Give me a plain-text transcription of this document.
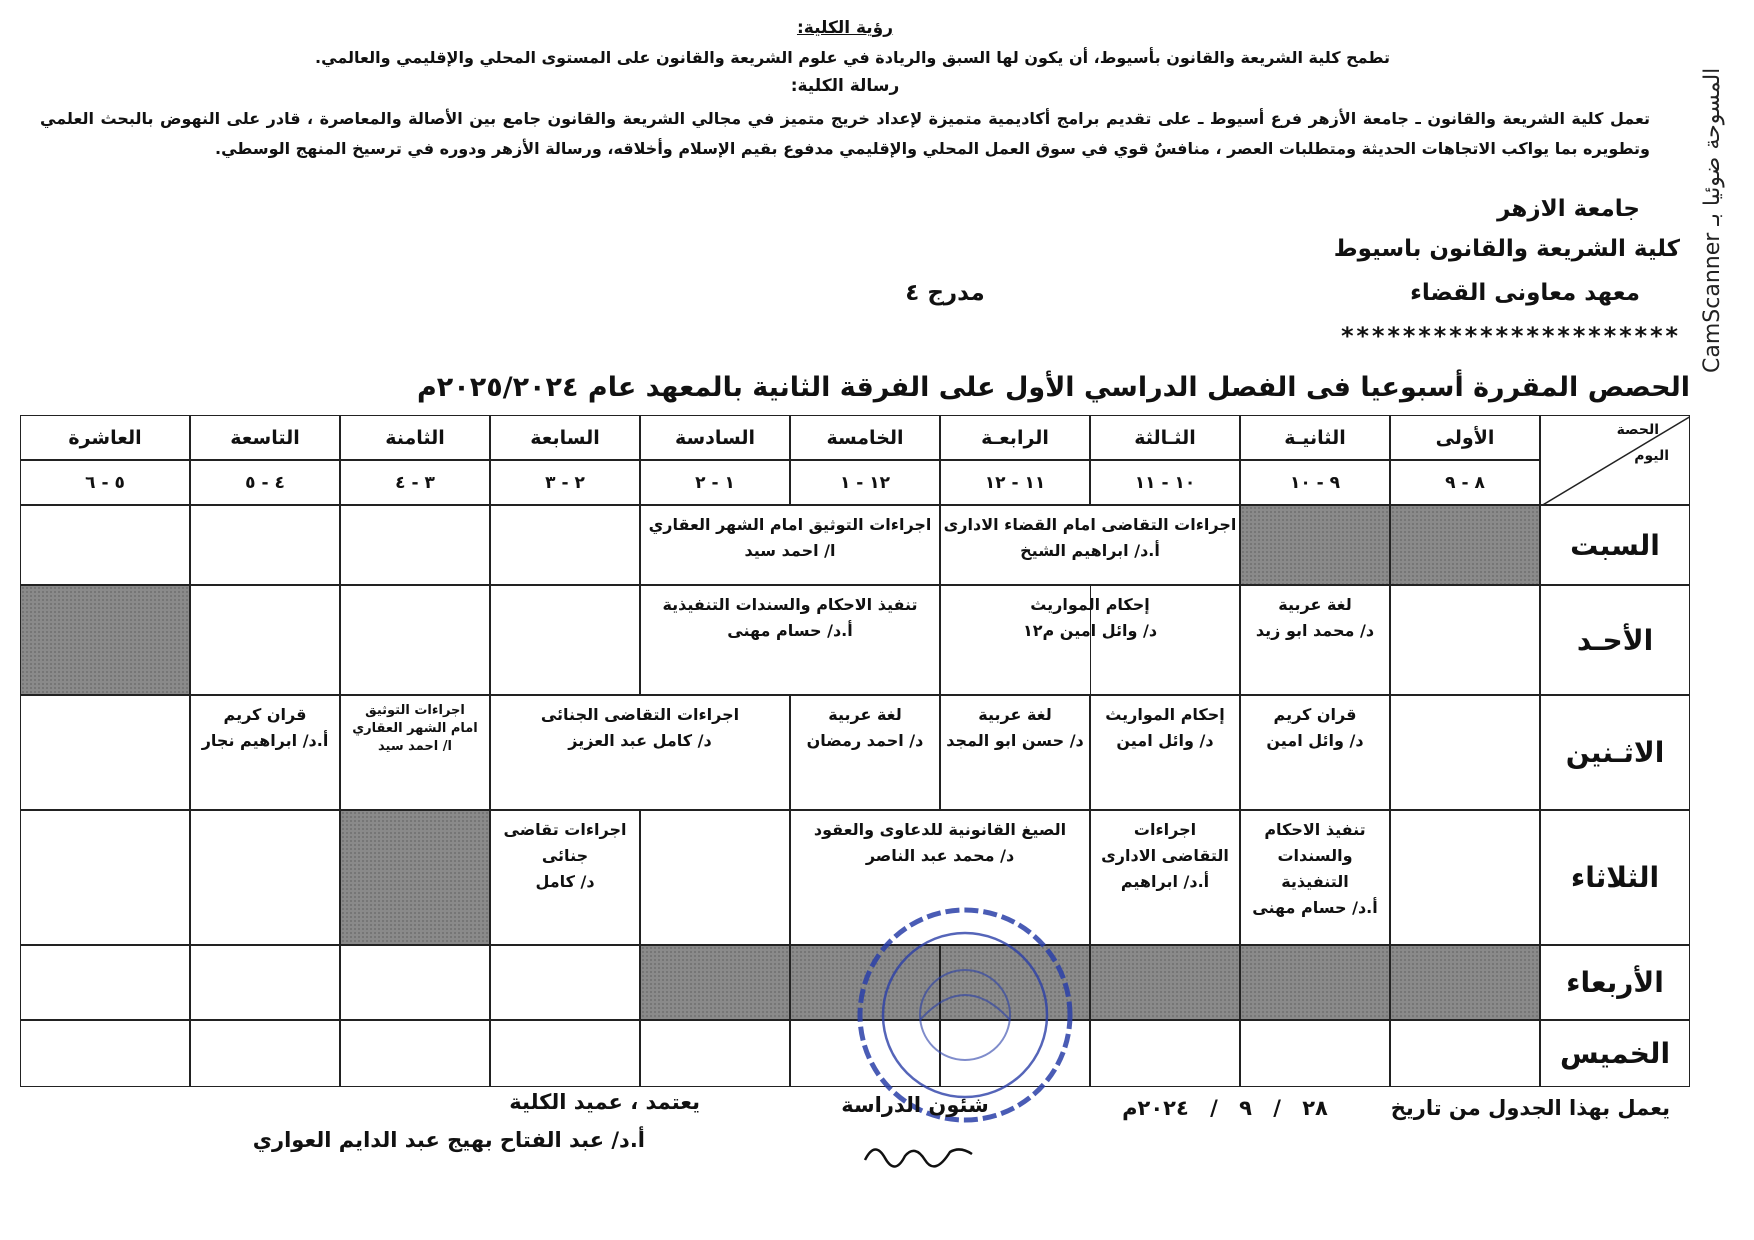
رؤية الكلية:
تطمح كلية الشريعة والقانون بأسيوط، أن يكون لها السبق والريادة في علوم الشريعة والقانون على المستوى المحلي والإقليمي والعالمي.
رسالة الكلية:
تعمل كلية الشريعة والقانون ـ جامعة الأزهر فرع أسيوط ـ على تقديم برامج أكاديمية متميزة لإعداد خريج متميز في مجالي الشريعة والقانون جامع بين الأصالة والمعاصرة ، قادر على النهوض بالبحث العلمي وتطويره بما يواكب الاتجاهات الحديثة ومتطلبات العصر ، منافسٌ قوي في سوق العمل المحلي والإقليمي مدفوع بقيم الإسلام وأخلاقه، ورسالة الأزهر ودوره في ترسيخ المنهج الوسطي.
CamScanner المسوحة ضوئيا بـ
جامعة الازهر
كلية الشريعة والقانون باسيوط
معهد معاونى القضاء
مدرج ٤
**********************
الحصص المقررة أسبوعيا فى الفصل الدراسي الأول على الفرقة الثانية بالمعهد عام ٢٠٢٥/٢٠٢٤م
الحصة
اليوم
الأولى
الثانيـة
الثـالثة
الرابعـة
الخامسة
السادسة
السابعة
الثامنة
التاسعة
العاشرة
٨ - ٩
٩ - ١٠
١٠ - ١١
١١ - ١٢
١٢ - ١
١ - ٢
٢ - ٣
٣ - ٤
٤ - ٥
٥ - ٦
السبت
اجراءات التقاضى امام القضاء الادارى
أ.د/ ابراهيم الشيخ
اجراءات التوثيق امام الشهر العقاري
ا/ احمد سيد
الأحـد
لغة عربية
د/ محمد ابو زيد
إحكام المواريث
د/ وائل امين م١٢
تنفيذ الاحكام والسندات التنفيذية
أ.د/ حسام مهنى
الاثـنين
قران كريم
د/ وائل امين
إحكام المواريث
د/ وائل امين
لغة عربية
د/ حسن ابو المجد
لغة عربية
د/ احمد رمضان
اجراءات التقاضى الجنائى
د/ كامل عبد العزيز
اجراءات التوثيق
امام الشهر العقاري
ا/ احمد سيد
قران كريم
أ.د/ ابراهيم نجار
الثلاثاء
تنفيذ الاحكام
والسندات
التنفيذية
أ.د/ حسام مهنى
اجراءات
التقاضى الادارى
أ.د/ ابراهيم
الصيغ القانونية للدعاوى والعقود
د/ محمد عبد الناصر
اجراءات تقاضى
جنائى
د/ كامل
الأربعاء
الخميس
يعمل بهذا الجدول من تاريخ
٢٨ / ٩ / ٢٠٢٤م
شئون الدراسة
يعتمد ، عميد الكلية
أ.د/ عبد الفتاح بهيج عبد الدايم العواري
